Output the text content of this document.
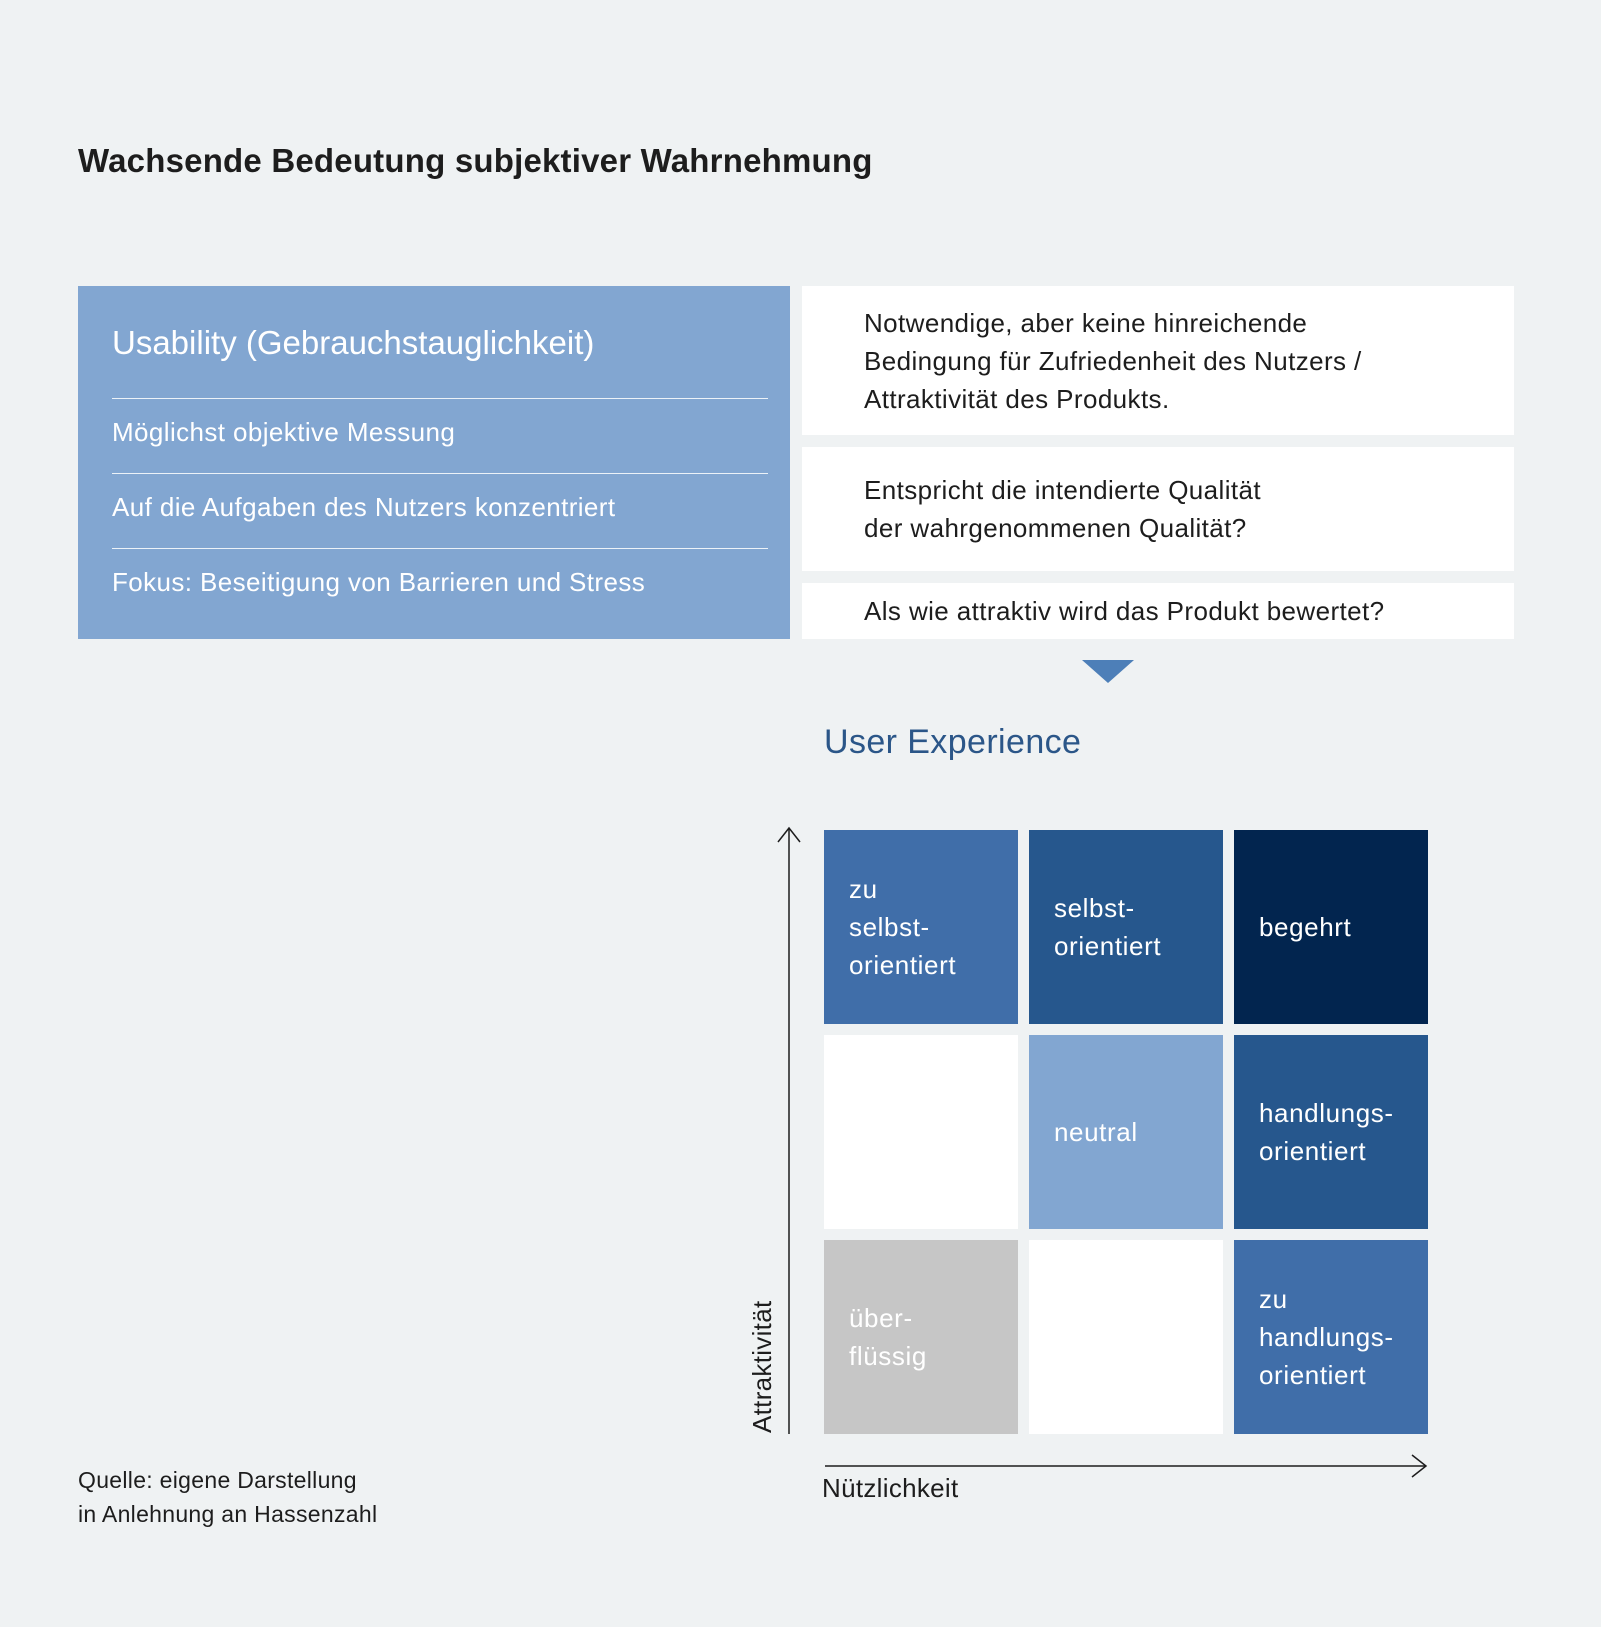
Wachsende Bedeutung subjektiver Wahrnehmung
Usability (Gebrauchstauglichkeit)
Möglichst objektive Messung
Auf die Aufgaben des Nutzers konzentriert
Fokus: Beseitigung von Barrieren und Stress
Notwendige, aber keine hinreichende
Bedingung für Zufriedenheit des Nutzers /
Attraktivität des Produkts.
Entspricht die intendierte Qualität
der wahrgenommenen Qualität?
Als wie attraktiv wird das Produkt bewertet?
User Experience
Attraktivität
Nützlichkeit
zu
selbst-
orientiert
selbst-
orientiert
begehrt
neutral
handlungs-
orientiert
über-
flüssig
zu
handlungs-
orientiert
Quelle: eigene Darstellung
in Anlehnung an Hassenzahl
